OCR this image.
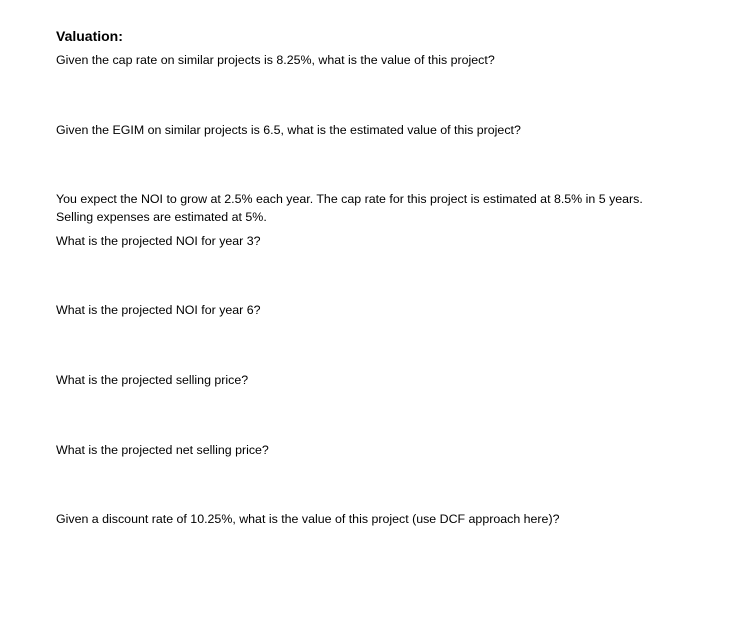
Valuation:
Given the cap rate on similar projects is 8.25%, what is the value of this project?
Given the EGIM on similar projects is 6.5, what is the estimated value of this project?
You expect the NOI to grow at 2.5% each year. The cap rate for this project is estimated at 8.5% in 5 years. Selling expenses are estimated at 5%.
What is the projected NOI for year 3?
What is the projected NOI for year 6?
What is the projected selling price?
What is the projected net selling price?
Given a discount rate of 10.25%, what is the value of this project (use DCF approach here)?
